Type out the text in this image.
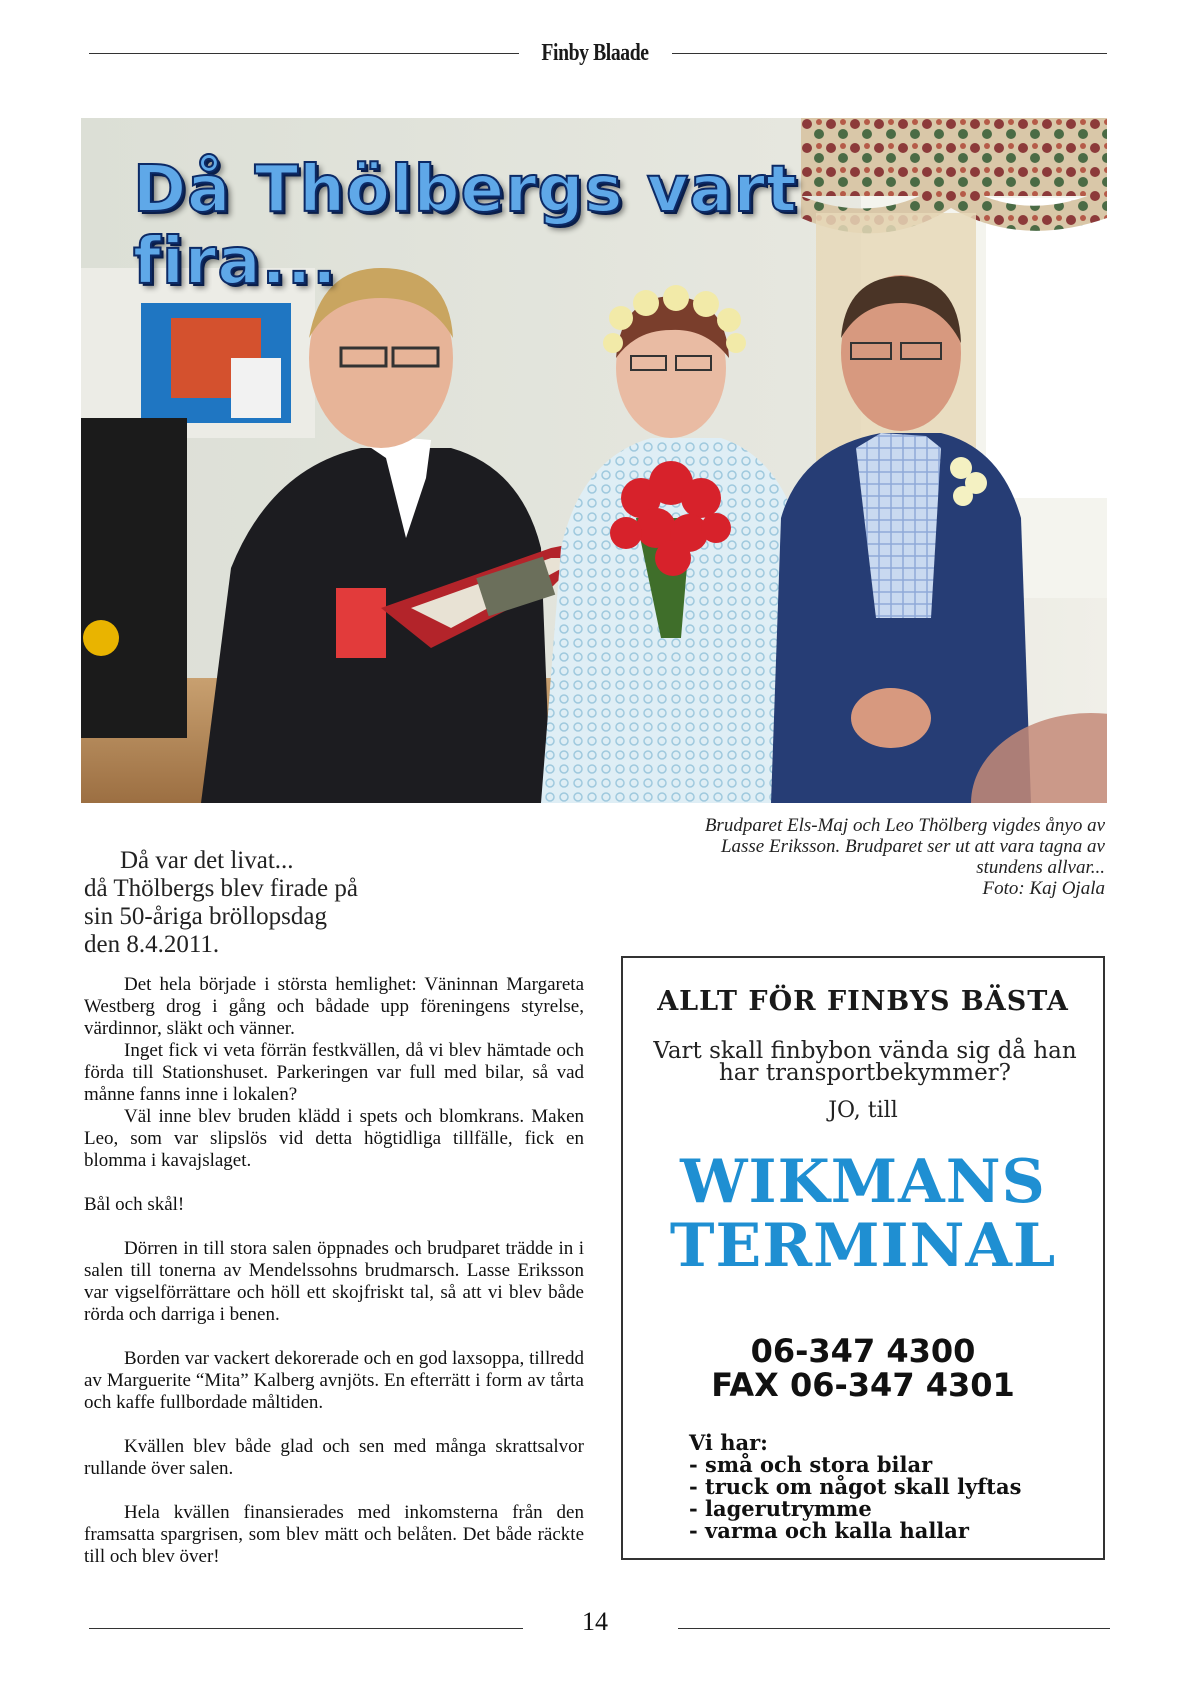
Finby Blaade
Då Thölbergs vart
fira...
Brudparet Els-Maj och Leo Thölberg vigdes ånyo av
Lasse Eriksson. Brudparet ser ut att vara tagna av
stundens allvar...
Foto: Kaj Ojala
Då var det livat...
då Thölbergs blev firade på
sin 50-åriga bröllopsdag
den 8.4.2011.

Det hela började i största hemlighet: Väninnan Margareta Westberg drog i gång och bådade upp föreningens styrelse, värdinnor, släkt och vänner.

Inget fick vi veta förrän festkvällen, då vi blev hämtade och förda till Stationshuset. Parkeringen var full med bilar, så vad månne fanns inne i lokalen?

Väl inne blev bruden klädd i spets och blomkrans. Maken Leo, som var slipslös vid detta högtidliga tillfälle, fick en blomma i kavajslaget.

Bål och skål!

Dörren in till stora salen öppnades och brudparet trädde in i salen till tonerna av Mendelssohns brudmarsch. Lasse Eriksson var vigselförrättare och höll ett skojfriskt tal, så att vi blev både rörda och darriga i benen.

Borden var vackert dekorerade och en god laxsoppa, tillredd av Marguerite “Mita” Kalberg avnjöts. En efterrätt i form av tårta och kaffe fullbordade måltiden.

Kvällen blev både glad och sen med många skrattsalvor rullande över salen.

Hela kvällen finansierades med inkomsterna från den framsatta spargrisen, som blev mätt och belåten. Det både räckte till och blev över!

ALLT FÖR FINBYS BÄSTA
Vart skall finbybon vända sig då han
har transportbekymmer?
JO, till
WIKMANS
TERMINAL
06-347 4300
FAX 06-347 4301
Vi har:
- små och stora bilar
- truck om något skall lyftas
- lagerutrymme
- varma och kalla hallar
14
